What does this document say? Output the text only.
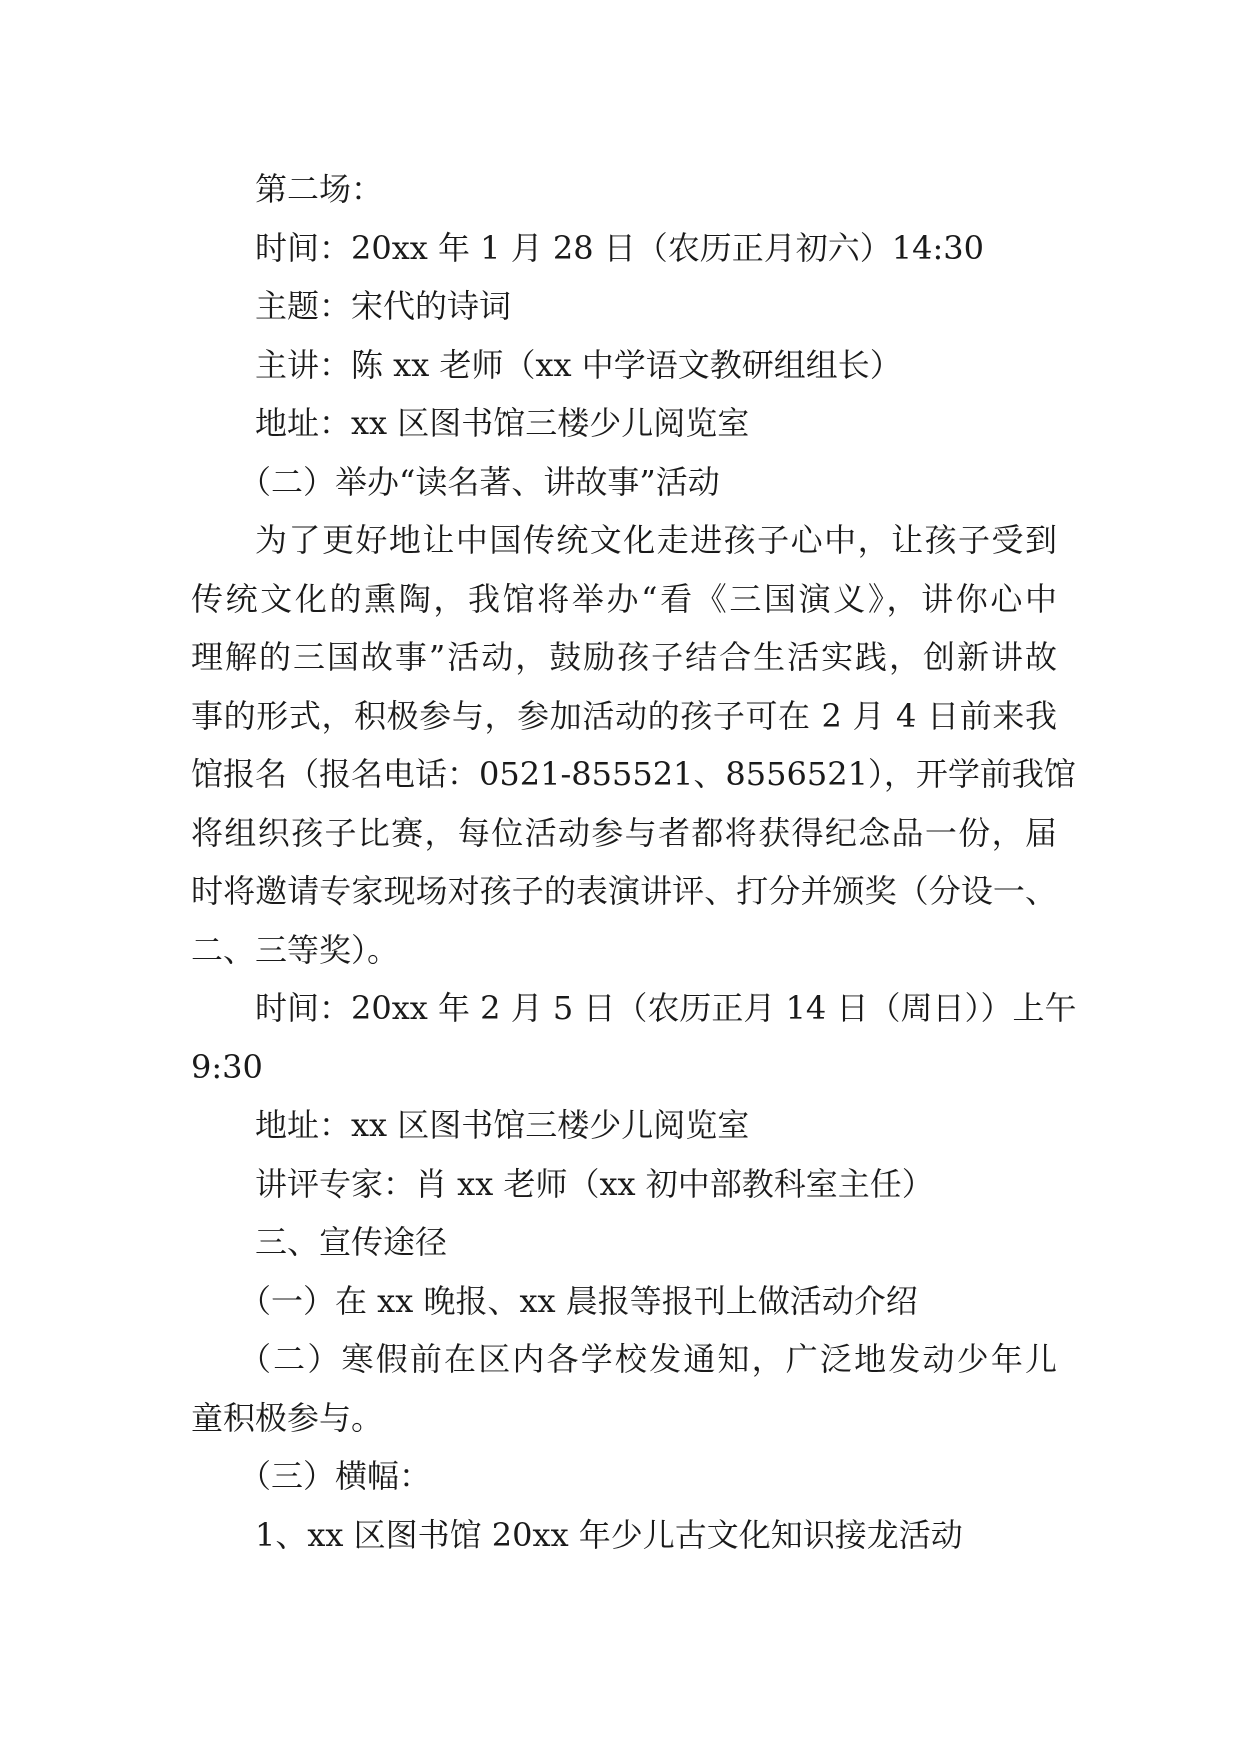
第二场：
时间：20xx 年 1 月 28 日（农历正月初六）14:30
主题：宋代的诗词
主讲：陈 xx 老师（xx 中学语文教研组组长）
地址：xx 区图书馆三楼少儿阅览室
（二）举办“读名著、讲故事”活动
为了更好地让中国传统文化走进孩子心中，让孩子受到
传统文化的熏陶，我馆将举办“看《三国演义》，讲你心中
理解的三国故事”活动，鼓励孩子结合生活实践，创新讲故
事的形式，积极参与，参加活动的孩子可在 2 月 4 日前来我
馆报名（报名电话：0521-855521、8556521），开学前我馆
将组织孩子比赛，每位活动参与者都将获得纪念品一份，届
时将邀请专家现场对孩子的表演讲评、打分并颁奖（分设一、
二、三等奖）。
时间：20xx 年 2 月 5 日（农历正月 14 日（周日））上午
9:30
地址：xx 区图书馆三楼少儿阅览室
讲评专家：肖 xx 老师（xx 初中部教科室主任）
三、宣传途径
（一）在 xx 晚报、xx 晨报等报刊上做活动介绍
（二）寒假前在区内各学校发通知，广泛地发动少年儿
童积极参与。
（三）横幅：
1、xx 区图书馆 20xx 年少儿古文化知识接龙活动
